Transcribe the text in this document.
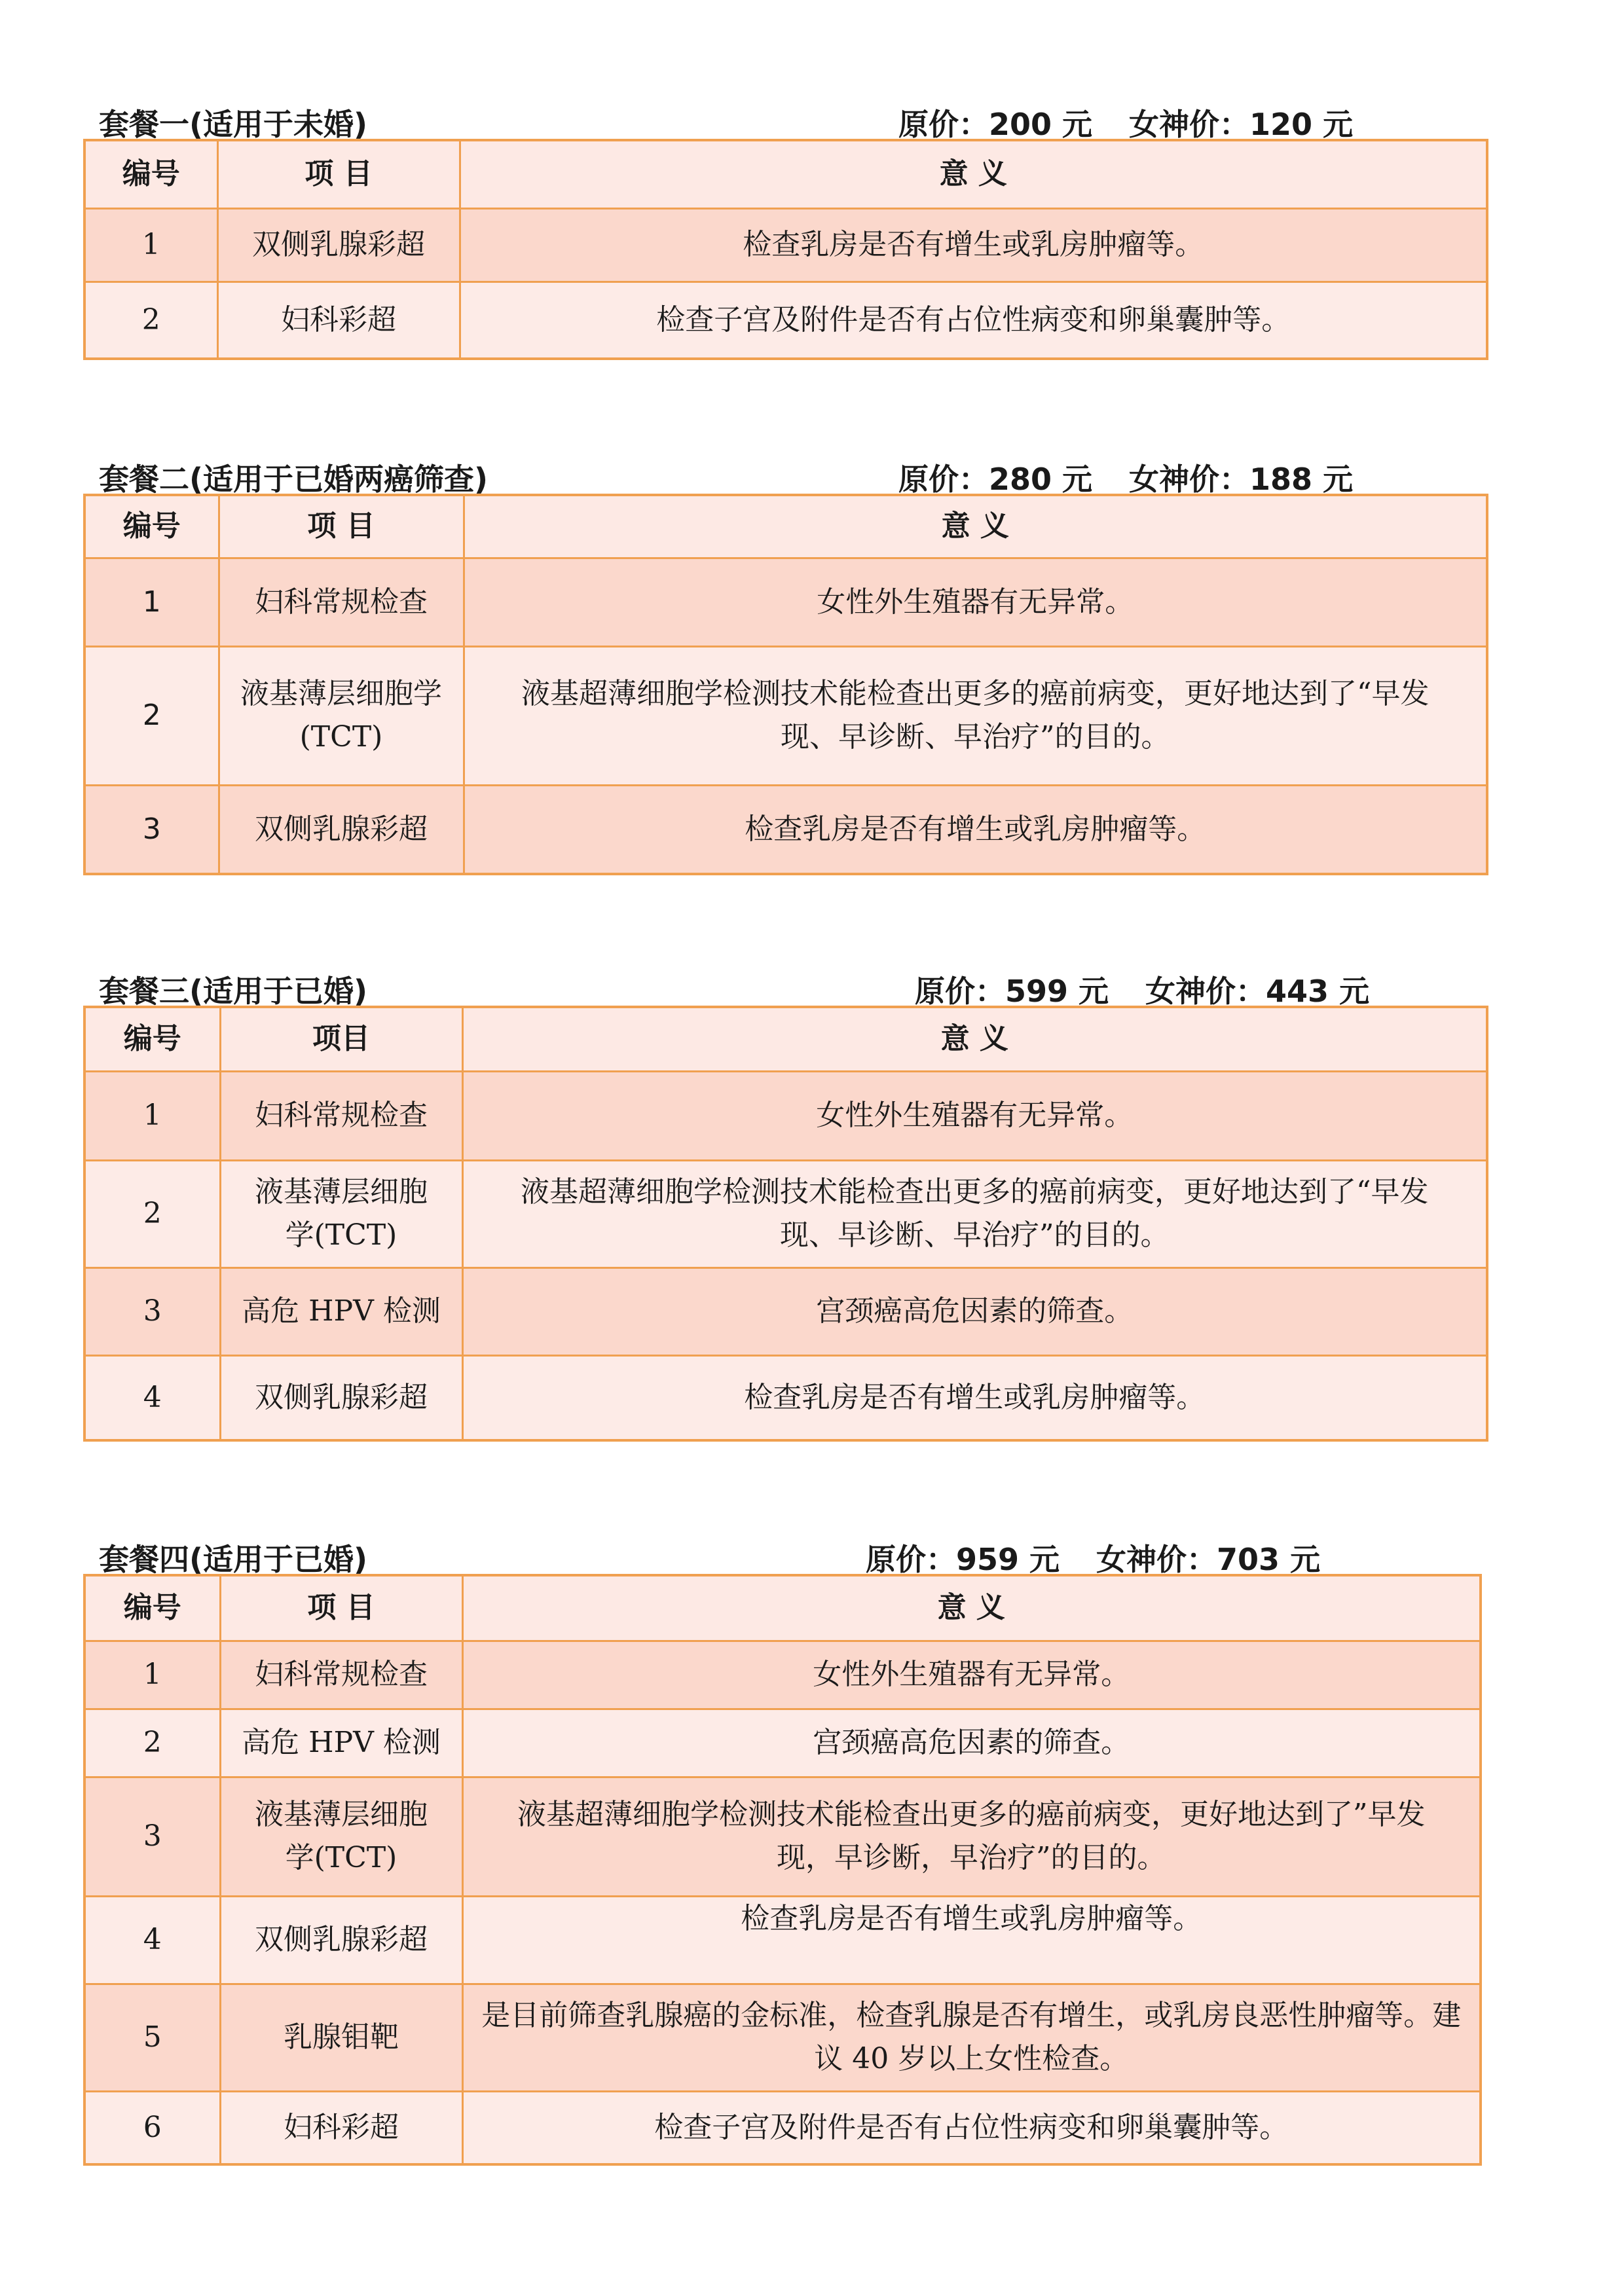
套餐一(适用于未婚)	原价：200 元 女神价：120 元
编号	项 目	意 义
1	双侧乳腺彩超	检查乳房是否有增生或乳房肿瘤等。
2	妇科彩超	检查子宫及附件是否有占位性病变和卵巢囊肿等。
套餐二(适用于已婚两癌筛查)	原价：280 元 女神价：188 元
编号	项 目	意 义
1	妇科常规检查	女性外生殖器有无异常。
2	液基薄层细胞学(TCT)	液基超薄细胞学检测技术能检查出更多的癌前病变，更好地达到了“早发现、早诊断、早治疗”的目的。
3	双侧乳腺彩超	检查乳房是否有增生或乳房肿瘤等。
套餐三(适用于已婚)	原价：599 元 女神价：443 元
编号	项目	意 义
1	妇科常规检查	女性外生殖器有无异常。
2	液基薄层细胞学(TCT)	液基超薄细胞学检测技术能检查出更多的癌前病变，更好地达到了“早发现、早诊断、早治疗”的目的。
3	高危 HPV 检测	宫颈癌高危因素的筛查。
4	双侧乳腺彩超	检查乳房是否有增生或乳房肿瘤等。
套餐四(适用于已婚)	原价：959 元 女神价：703 元
编号	项 目	意 义
1	妇科常规检查	女性外生殖器有无异常。
2	高危 HPV 检测	宫颈癌高危因素的筛查。
3	液基薄层细胞学(TCT)	液基超薄细胞学检测技术能检查出更多的癌前病变，更好地达到了”早发现，早诊断，早治疗”的目的。
4	双侧乳腺彩超	检查乳房是否有增生或乳房肿瘤等。
5	乳腺钼靶	是目前筛查乳腺癌的金标准，检查乳腺是否有增生，或乳房良恶性肿瘤等。建议 40 岁以上女性检查。
6	妇科彩超	检查子宫及附件是否有占位性病变和卵巢囊肿等。
